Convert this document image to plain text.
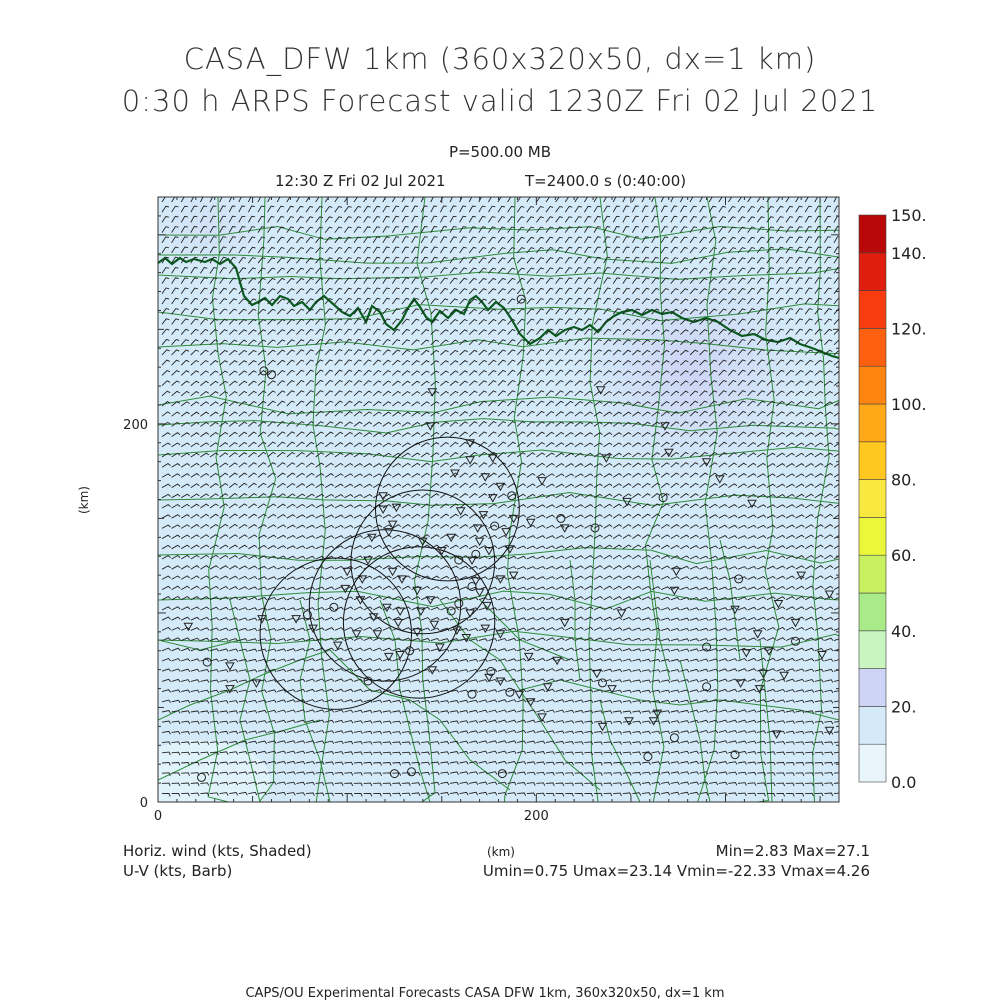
CASA_DFW 1km (360x320x50, dx=1 km)
0:30 h ARPS Forecast valid 1230Z Fri 02 Jul 2021
P=500.00 MB
12:30 Z Fri 02 Jul 2021	T=2400.0 s (0:40:00)
0	200
0
200
(km)
(km)
150.
140.
120.
100.
80.
60.
40.
20.
0.0
Horiz. wind (kts, Shaded)
U-V (kts, Barb)
Min=2.83 Max=27.1
Umin=0.75 Umax=23.14 Vmin=-22.33 Vmax=4.26
CAPS/OU Experimental Forecasts CASA DFW 1km, 360x320x50, dx=1 km
